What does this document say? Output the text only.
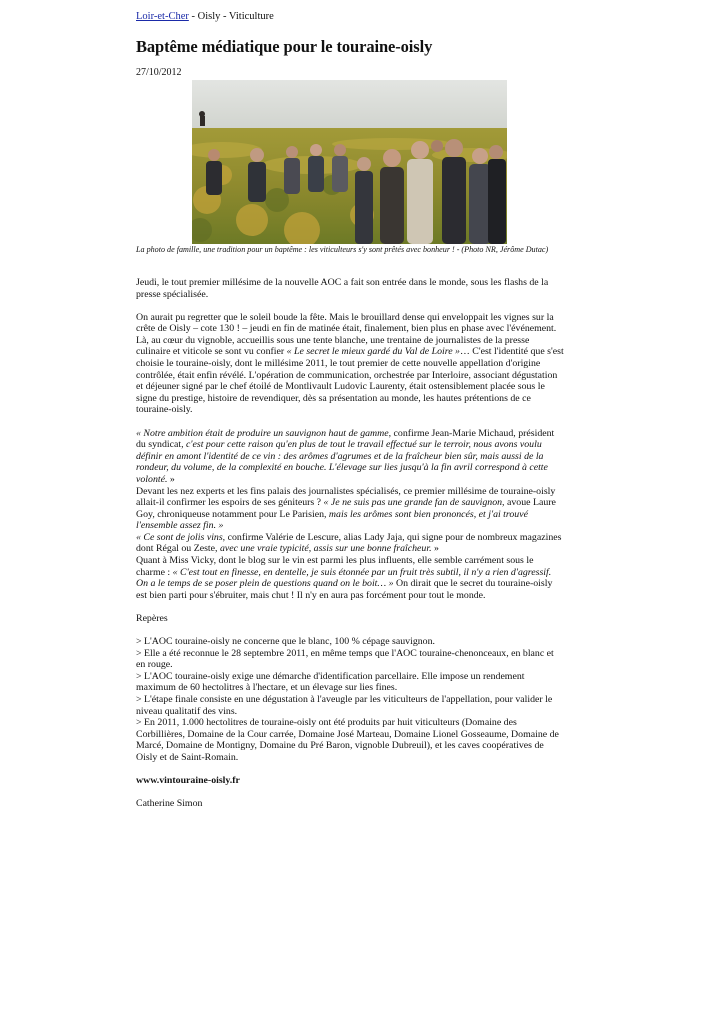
Loir-et-Cher - Oisly - Viticulture
Baptême médiatique pour le touraine-oisly
27/10/2012
La photo de famille, une tradition pour un baptême : les viticulteurs s'y sont prêtés avec bonheur ! - (Photo NR, Jérôme Dutac)

Jeudi, le tout premier millésime de la nouvelle AOC a fait son entrée dans le monde, sous les flashs de la presse spécialisée.

On aurait pu regretter que le soleil boude la fête. Mais le brouillard dense qui enveloppait les vignes sur la crête de Oisly – cote 130 ! – jeudi en fin de matinée était, finalement, bien plus en phase avec l'événement. Là, au cœur du vignoble, accueillis sous une tente blanche, une trentaine de journalistes de la presse culinaire et viticole se sont vu confier « Le secret le mieux gardé du Val de Loire »… C'est l'identité que s'est choisie le touraine-oisly, dont le millésime 2011, le tout premier de cette nouvelle appellation d'origine contrôlée, était enfin révélé. L'opération de communication, orchestrée par Interloire, associant dégustation et déjeuner signé par le chef étoilé de Montlivault Ludovic Laurenty, était ostensiblement placée sous le signe du prestige, histoire de revendiquer, dès sa présentation au monde, les hautes prétentions de ce touraine-oisly.

« Notre ambition était de produire un sauvignon haut de gamme, confirme Jean-Marie Michaud, président du syndicat, c'est pour cette raison qu'en plus de tout le travail effectué sur le terroir, nous avons voulu définir en amont l'identité de ce vin : des arômes d'agrumes et de la fraîcheur bien sûr, mais aussi de la rondeur, du volume, de la complexité en bouche. L'élevage sur lies jusqu'à la fin avril correspond à cette volonté. »

Devant les nez experts et les fins palais des journalistes spécialisés, ce premier millésime de touraine-oisly allait-il confirmer les espoirs de ses géniteurs ? « Je ne suis pas une grande fan de sauvignon, avoue Laure Goy, chroniqueuse notamment pour Le Parisien, mais les arômes sont bien prononcés, et j'ai trouvé l'ensemble assez fin. »

« Ce sont de jolis vins, confirme Valérie de Lescure, alias Lady Jaja, qui signe pour de nombreux magazines dont Régal ou Zeste, avec une vraie typicité, assis sur une bonne fraîcheur. »

Quant à Miss Vicky, dont le blog sur le vin est parmi les plus influents, elle semble carrément sous le charme : « C'est tout en finesse, en dentelle, je suis étonnée par un fruit très subtil, il n'y a rien d'agressif. On a le temps de se poser plein de questions quand on le boit… » On dirait que le secret du touraine-oisly est bien parti pour s'ébruiter, mais chut ! Il n'y en aura pas forcément pour tout le monde.

Repères

> L'AOC touraine-oisly ne concerne que le blanc, 100 % cépage sauvignon.

> Elle a été reconnue le 28 septembre 2011, en même temps que l'AOC touraine-chenonceaux, en blanc et en rouge.

> L'AOC touraine-oisly exige une démarche d'identification parcellaire. Elle impose un rendement maximum de 60 hectolitres à l'hectare, et un élevage sur lies fines.

> L'étape finale consiste en une dégustation à l'aveugle par les viticulteurs de l'appellation, pour valider le niveau qualitatif des vins.

> En 2011, 1.000 hectolitres de touraine-oisly ont été produits par huit viticulteurs (Domaine des Corbillières, Domaine de la Cour carrée, Domaine José Marteau, Domaine Lionel Gosseaume, Domaine de Marcé, Domaine de Montigny, Domaine du Pré Baron, vignoble Dubreuil), et les caves coopératives de Oisly et de Saint-Romain.

www.vintouraine-oisly.fr

Catherine Simon
